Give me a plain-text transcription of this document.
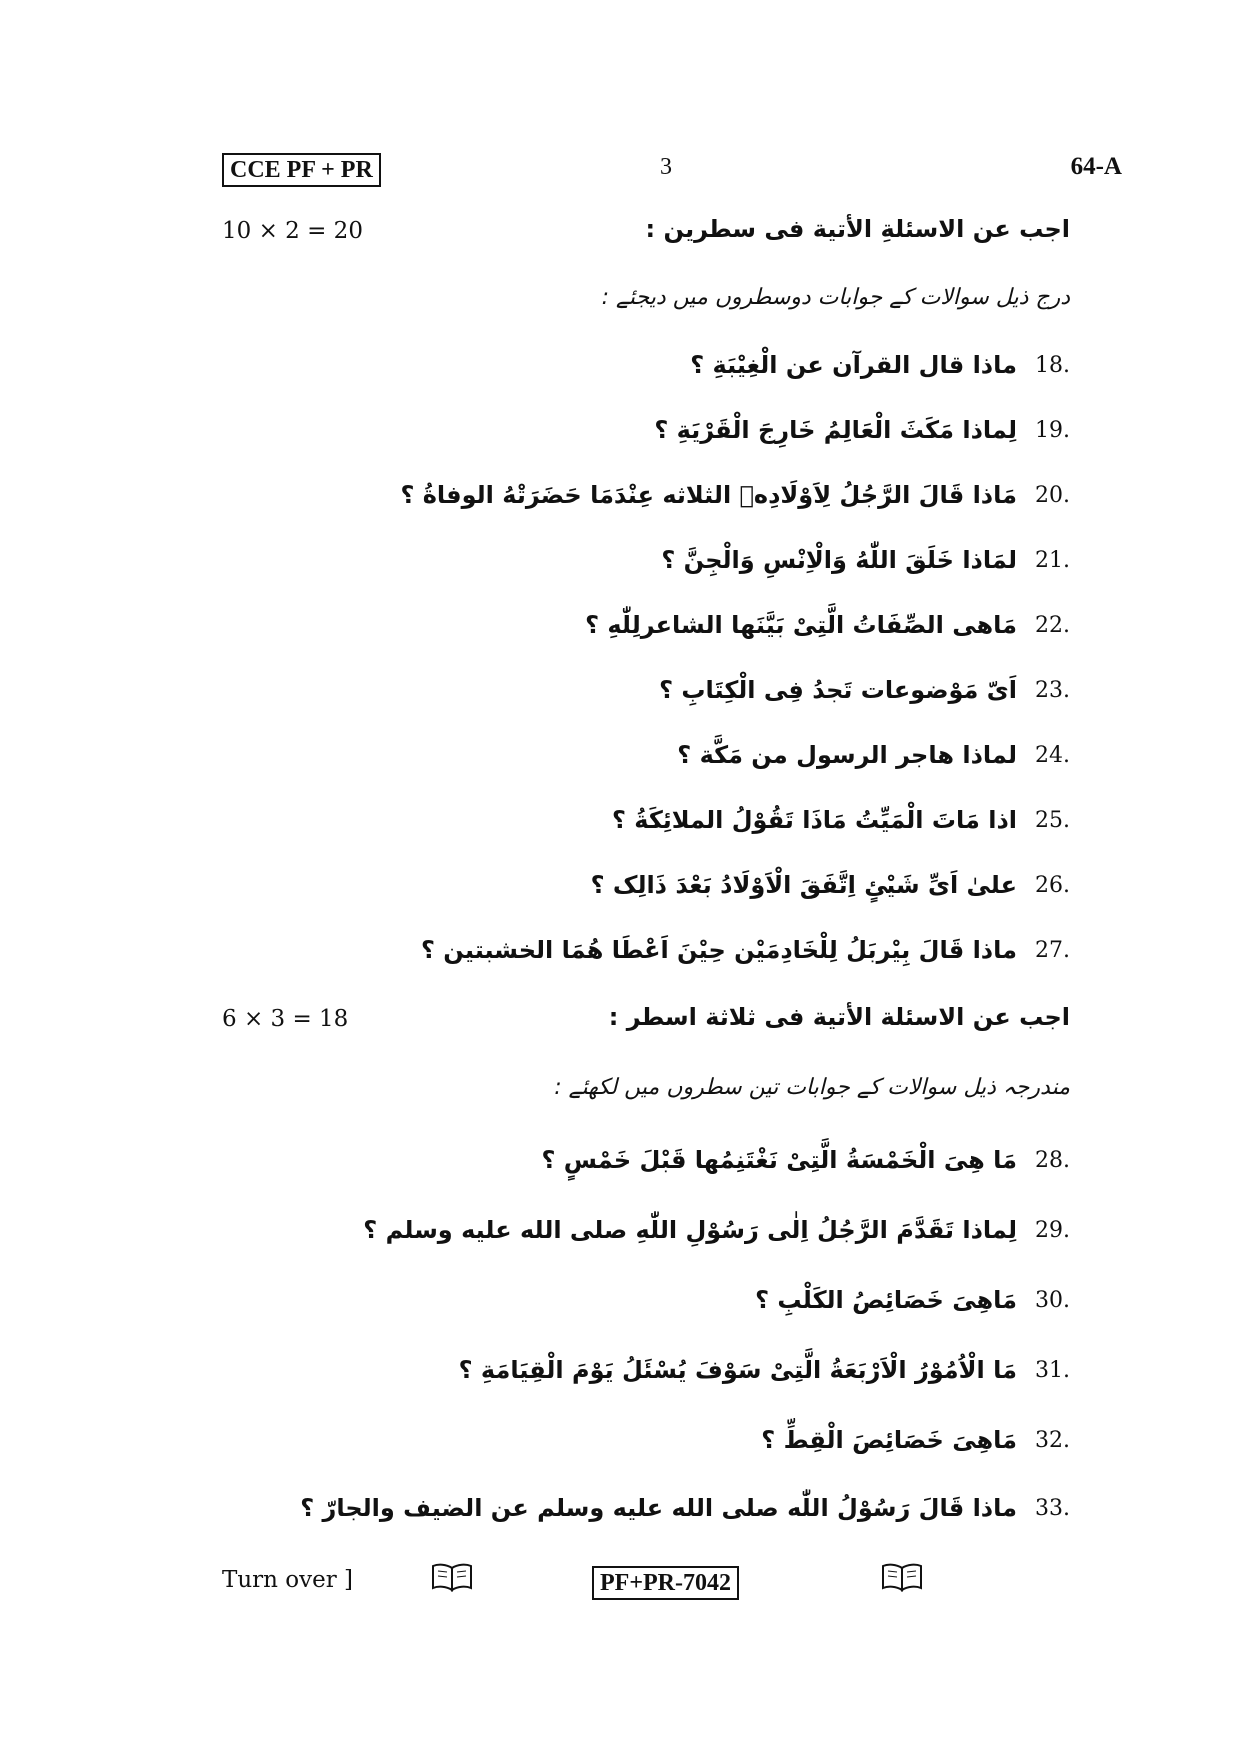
CCE PF + PR	3	64-A
10 × 2 = 20	اجب عن الاسئلةِ الأتية فى سطرين :
درج ذیل سوالات کے جوابات دوسطروں میں دیجئے :
18.
ماذا قال القرآن عن الْغِيْبَةِ ؟
19.
لِماذا مَكَثَ الْعَالِمُ خَارِجَ الْقَرْيَةِ ؟
20.
مَاذا قَالَ الرَّجُلُ لِاَوْلَادِهٖ الثلاثه عِنْدَمَا حَضَرَتْهُ الوفاةُ ؟
21.
لمَاذا خَلَقَ اللّٰهُ وَالْاِنْسِ وَالْجِنَّ ؟
22.
مَاهى الصِّفَاتُ الَّتِىْ بَيَّنَها الشاعرلِلّٰهِ ؟
23.
اَىّ مَوْضوعات تَجدُ فِى الْكِتَابِ ؟
24.
لماذا هاجر الرسول من مَكَّة ؟
25.
اذا مَاتَ الْمَيِّتُ مَاذَا تَقُوْلُ الملائِكَةُ ؟
26.
علىٰ اَىِّ شَيْئٍ اِتَّفَقَ الْاَوْلَادُ بَعْدَ ذَالِک ؟
27.
ماذا قَالَ بِيْربَلُ لِلْخَادِمَيْن حِيْنَ اَعْطَا هُمَا الخشبتين ؟
6 × 3 = 18	اجب عن الاسئلة الأتية فى ثلاثة اسطر :
مندرجہ ذیل سوالات کے جوابات تین سطروں میں لکھئے :
28.
مَا هِىَ الْخَمْسَةُ الَّتِىْ نَغْتَنِمُها قَبْلَ خَمْسٍ ؟
29.
لِماذا تَقَدَّمَ الرَّجُلُ اِلٰى رَسُوْلِ اللّٰهِ صلى الله عليه وسلم ؟
30.
مَاهِىَ خَصَائِصُ الكَلْبِ ؟
31.
مَا الْاُمُوْرُ الْاَرْبَعَةُ الَّتِىْ سَوْفَ يُسْئَلُ يَوْمَ الْقِيَامَةِ ؟
32.
مَاهِىَ خَصَائِصَ الْقِطِّ ؟
33.
ماذا قَالَ رَسُوْلُ اللّٰه صلى الله عليه وسلم عن الضيف والجارّ ؟
Turn over ]	PF+PR-7042
